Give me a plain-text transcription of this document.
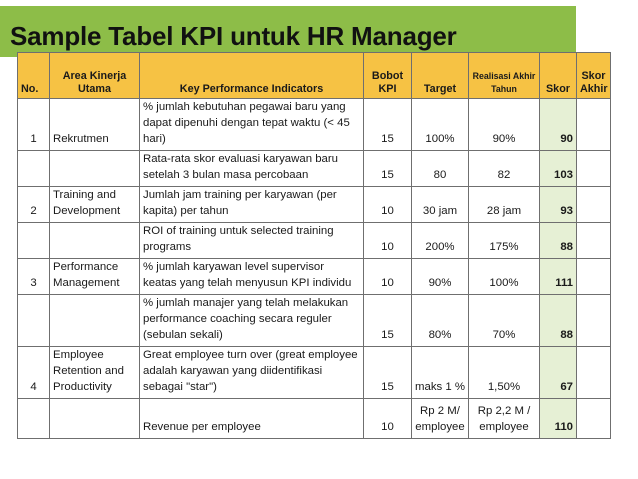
Sample Tabel KPI untuk HR Manager
No.	Area Kinerja Utama	Key Performance Indicators	Bobot KPI	Target	Realisasi Akhir Tahun	Skor	Skor Akhir
1	Rekrutmen	% jumlah kebutuhan pegawai baru yang dapat dipenuhi dengan tepat waktu (< 45 hari)	15	100%	90%	90	
		Rata-rata skor evaluasi karyawan baru setelah 3 bulan masa percobaan	15	80	82	103	
2	Training and Development	Jumlah jam training per karyawan (per kapita) per tahun	10	30 jam	28 jam	93	
		ROI of training untuk selected training programs	10	200%	175%	88	
3	Performance Management	% jumlah karyawan level supervisor keatas yang telah menyusun KPI individu	10	90%	100%	111	
		% jumlah manajer yang telah melakukan performance coaching secara reguler (sebulan sekali)	15	80%	70%	88	
4	Employee Retention and Productivity	Great employee turn over (great employee adalah karyawan yang diidentifikasi sebagai "star")	15	maks 1 %	1,50%	67	
		Revenue per employee	10	Rp 2 M/ employee	Rp 2,2 M / employee	110	
